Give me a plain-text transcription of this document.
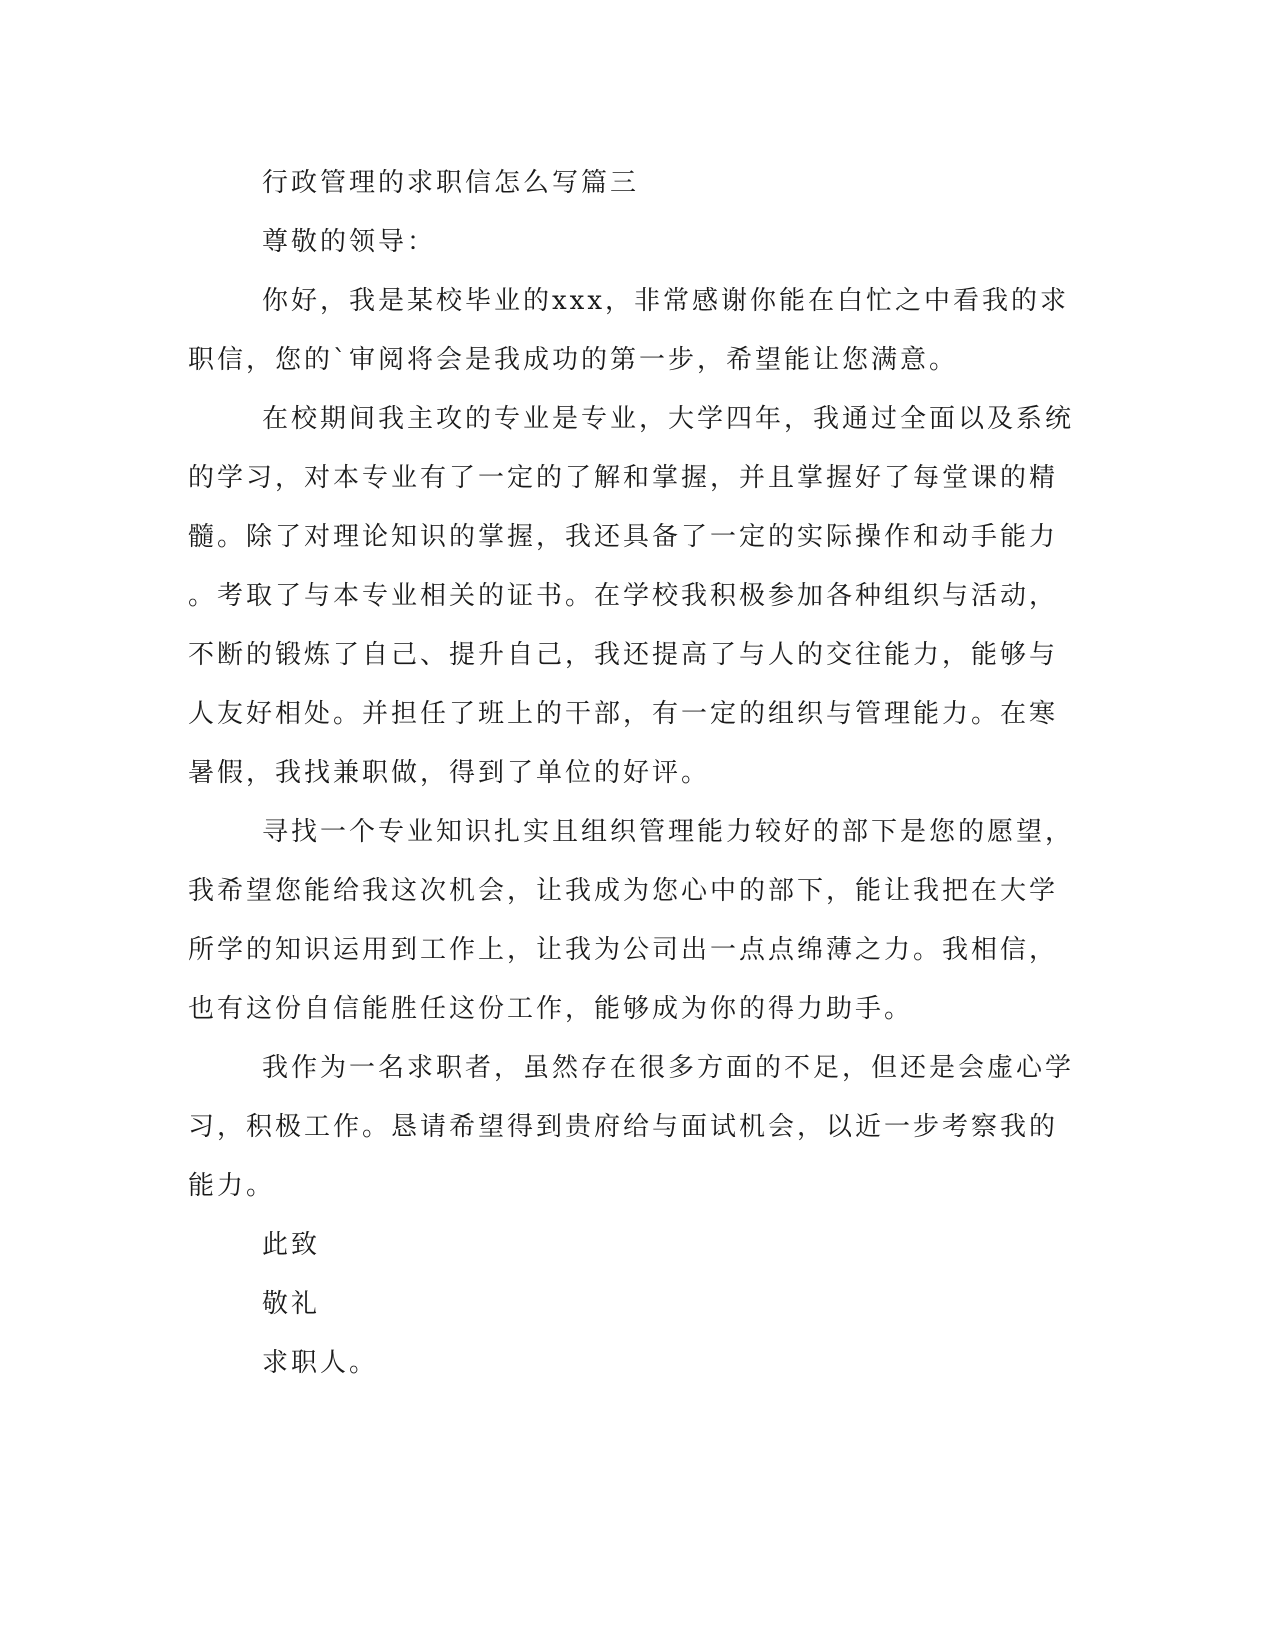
行政管理的求职信怎么写篇三
尊敬的领导：
你好，我是某校毕业的xxx，非常感谢你能在白忙之中看我的求
职信，您的`审阅将会是我成功的第一步，希望能让您满意。
在校期间我主攻的专业是专业，大学四年，我通过全面以及系统
的学习，对本专业有了一定的了解和掌握，并且掌握好了每堂课的精
髓。除了对理论知识的掌握，我还具备了一定的实际操作和动手能力
。考取了与本专业相关的证书。在学校我积极参加各种组织与活动，
不断的锻炼了自己、提升自己，我还提高了与人的交往能力，能够与
人友好相处。并担任了班上的干部，有一定的组织与管理能力。在寒
暑假，我找兼职做，得到了单位的好评。
寻找一个专业知识扎实且组织管理能力较好的部下是您的愿望，
我希望您能给我这次机会，让我成为您心中的部下，能让我把在大学
所学的知识运用到工作上，让我为公司出一点点绵薄之力。我相信，
也有这份自信能胜任这份工作，能够成为你的得力助手。
我作为一名求职者，虽然存在很多方面的不足，但还是会虚心学
习，积极工作。恳请希望得到贵府给与面试机会，以近一步考察我的
能力。
此致
敬礼
求职人。
